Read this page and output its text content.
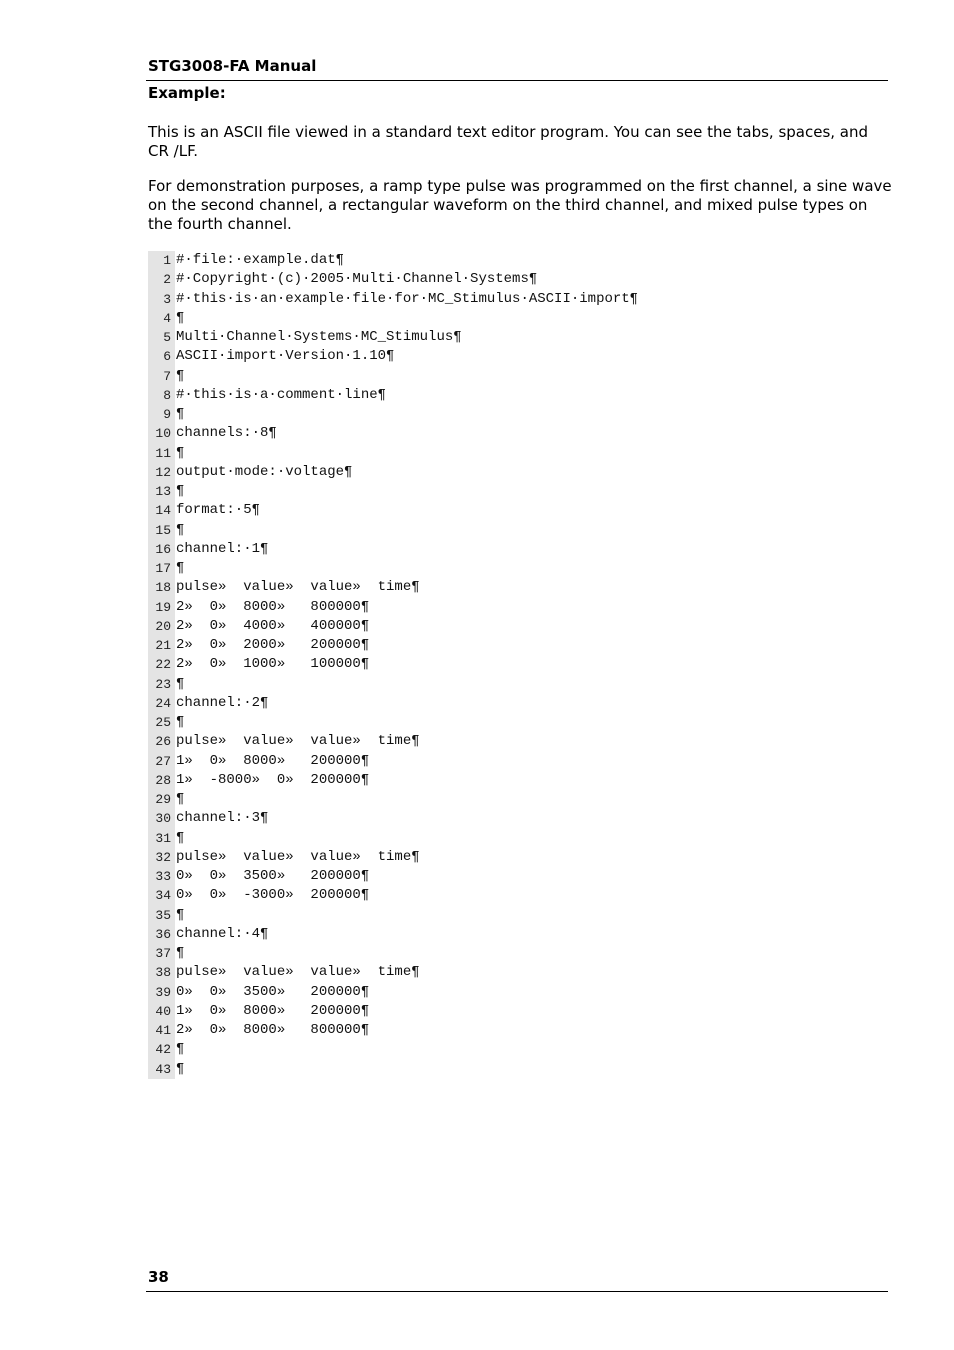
STG3008-FA Manual
Example:

This is an ASCII file viewed in a standard text editor program. You can see the tabs, spaces, and CR /LF.

For demonstration purposes, a ramp type pulse was programmed on the first channel, a sine wave on the second channel, a rectangular waveform on the third channel, and mixed pulse types on the fourth channel.

1 #·file:·example.dat¶
2 #·Copyright·(c)·2005·Multi·Channel·Systems¶
3 #·this·is·an·example·file·for·MC_Stimulus·ASCII·import¶
4 ¶
5 Multi·Channel·Systems·MC_Stimulus¶
6 ASCII·import·Version·1.10¶
7 ¶
8 #·this·is·a·comment·line¶
9 ¶
10 channels:·8¶
11 ¶
12 output·mode:·voltage¶
13 ¶
14 format:·5¶
15 ¶
16 channel:·1¶
17 ¶
18 pulse»  value»  value»  time¶
19 2»  0»  8000»   800000¶
20 2»  0»  4000»   400000¶
21 2»  0»  2000»   200000¶
22 2»  0»  1000»   100000¶
23 ¶
24 channel:·2¶
25 ¶
26 pulse»  value»  value»  time¶
27 1»  0»  8000»   200000¶
28 1»  -8000»  0»  200000¶
29 ¶
30 channel:·3¶
31 ¶
32 pulse»  value»  value»  time¶
33 0»  0»  3500»   200000¶
34 0»  0»  -3000»  200000¶
35 ¶
36 channel:·4¶
37 ¶
38 pulse»  value»  value»  time¶
39 0»  0»  3500»   200000¶
40 1»  0»  8000»   200000¶
41 2»  0»  8000»   800000¶
42 ¶
43 ¶
38
